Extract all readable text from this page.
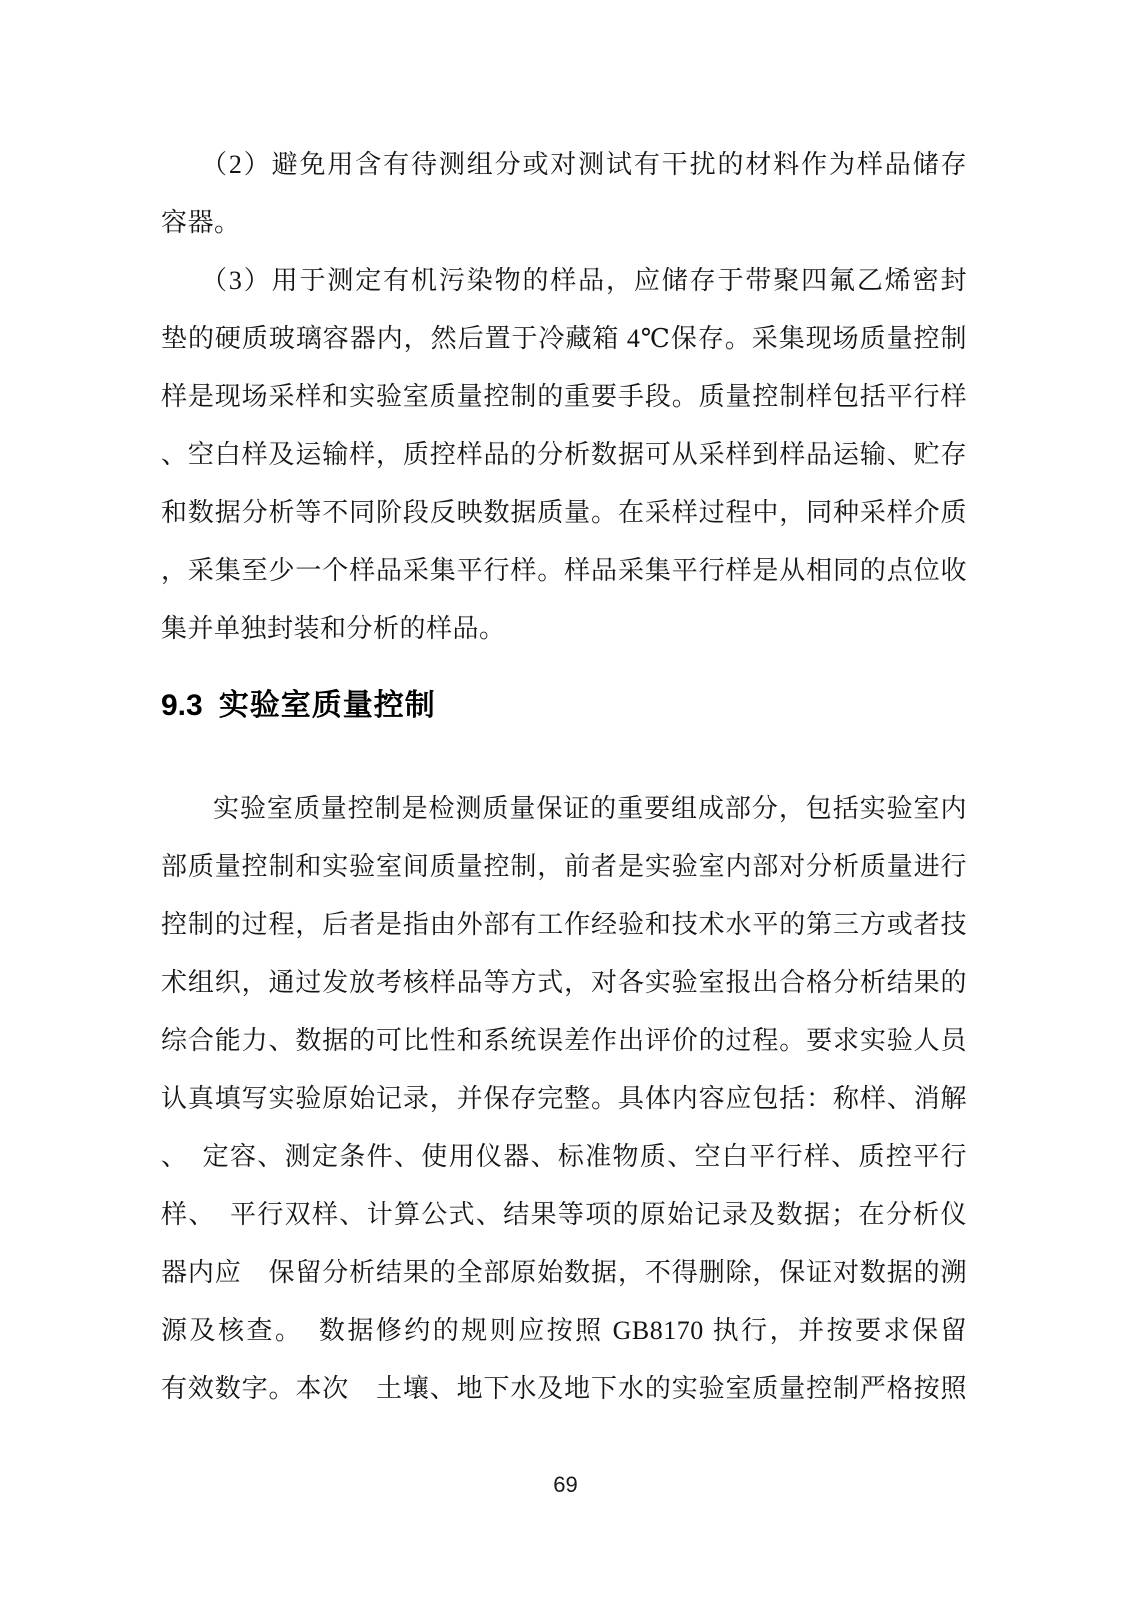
（2）避免用含有待测组分或对测试有干扰的材料作为样品储存
容器。
（3）用于测定有机污染物的样品，应储存于带聚四氟乙烯密封
垫的硬质玻璃容器内，然后置于冷藏箱 4℃保存。采集现场质量控制
样是现场采样和实验室质量控制的重要手段。质量控制样包括平行样
、空白样及运输样，质控样品的分析数据可从采样到样品运输、贮存
和数据分析等不同阶段反映数据质量。在采样过程中，同种采样介质
，采集至少一个样品采集平行样。样品采集平行样是从相同的点位收
集并单独封装和分析的样品。
9.3 实验室质量控制
实验室质量控制是检测质量保证的重要组成部分，包括实验室内
部质量控制和实验室间质量控制，前者是实验室内部对分析质量进行
控制的过程，后者是指由外部有工作经验和技术水平的第三方或者技
术组织，通过发放考核样品等方式，对各实验室报出合格分析结果的
综合能力、数据的可比性和系统误差作出评价的过程。要求实验人员
认真填写实验原始记录，并保存完整。具体内容应包括：称样、消解
、　定容、测定条件、使用仪器、标准物质、空白平行样、质控平行
样、　平行双样、计算公式、结果等项的原始记录及数据；在分析仪
器内应　保留分析结果的全部原始数据，不得删除，保证对数据的溯
源及核查。　数据修约的规则应按照 GB8170 执行，并按要求保留
有效数字。本次　土壤、地下水及地下水的实验室质量控制严格按照
69
